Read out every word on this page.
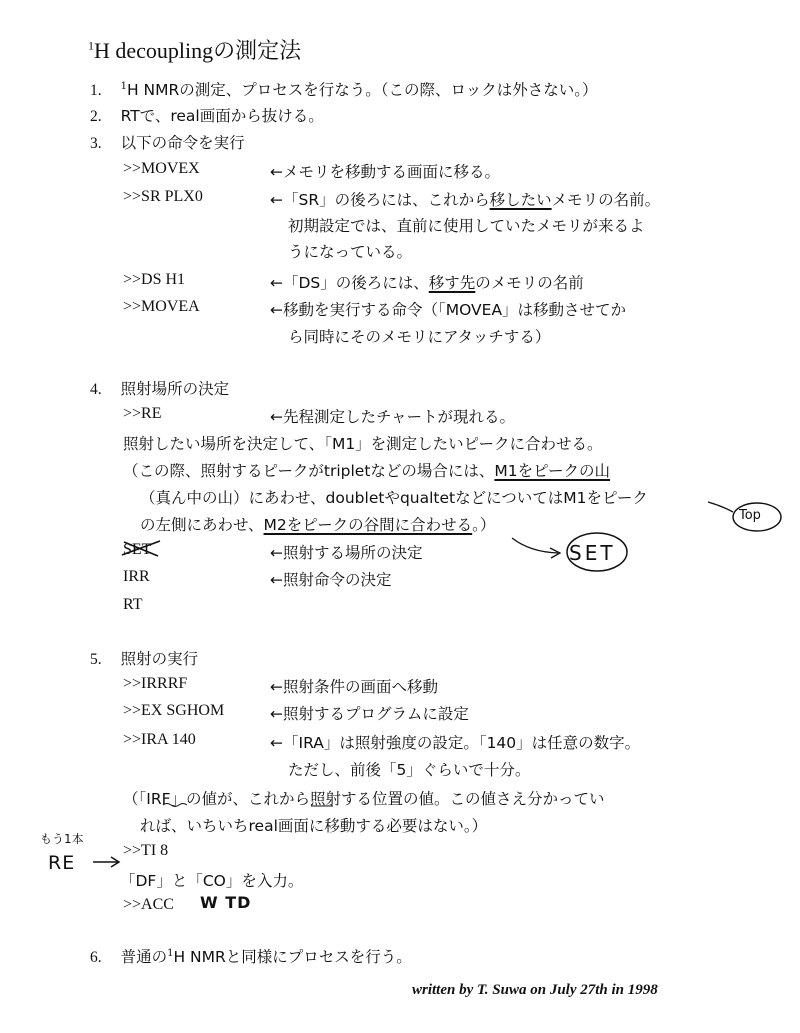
$^1$H decouplingの測定法
1. $^1$H NMRの測定、プロセスを行なう。（この際、ロックは外さない。）
2. RTで、real画面から抜ける。
3. 以下の命令を実行
>>MOVEX	←メモリを移動する画面に移る。
>>SR PLX0	←「SR」の後ろには、これから移したいメモリの名前。
初期設定では、直前に使用していたメモリが来るよ
うになっている。
>>DS H1	←「DS」の後ろには、移す先のメモリの名前
>>MOVEA	←移動を実行する命令（「MOVEA」は移動させてか
ら同時にそのメモリにアタッチする）
4. 照射場所の決定
>>RE	←先程測定したチャートが現れる。
照射したい場所を決定して、「M1」を測定したいピークに合わせる。
（この際、照射するピークがtripletなどの場合には、M1をピークの山
（真ん中の山）にあわせ、doubletやqualtetなどについてはM1をピーク
の左側にあわせ、M2をピークの谷間に合わせる。）
SET	←照射する場所の決定
IRR	←照射命令の決定
RT
5. 照射の実行
>>IRRRF	←照射条件の画面へ移動
>>EX SGHOM	←照射するプログラムに設定
>>IRA 140	←「IRA」は照射強度の設定。「140」は任意の数字。
ただし、前後「5」ぐらいで十分。
（「IRF」の値が、これから照射する位置の値。この値さえ分かってい
れば、いちいちreal画面に移動する必要はない。）
>>TI 8
「DF」と「CO」を入力。
>>ACC
6. 普通の$^1$H NMRと同様にプロセスを行う。
written by T. Suwa on July 27th in 1998
Top
SET
もう1本
RE
W TD
